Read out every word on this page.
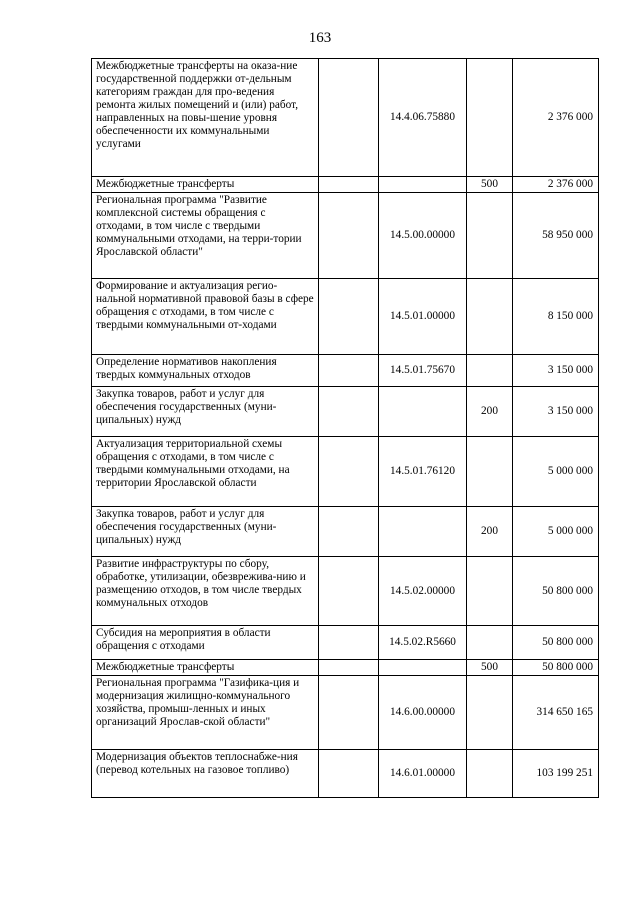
163
Межбюджетные трансферты на оказа-ние государственной поддержки от-дельным категориям граждан для про-ведения ремонта жилых помещений и (или) работ, направленных на повы-шение уровня обеспеченности их коммунальными услугами		14.4.06.75880		2 376 000
Межбюджетные трансферты			500	2 376 000
Региональная программа "Развитие комплексной системы обращения с отходами, в том числе с твердыми коммунальными отходами, на терри-тории Ярославской области"		14.5.00.00000		58 950 000
Формирование и актуализация регио-нальной нормативной правовой базы в сфере обращения с отходами, в том числе с твердыми коммунальными от-ходами		14.5.01.00000		8 150 000
Определение нормативов накопления твердых коммунальных отходов		14.5.01.75670		3 150 000
Закупка товаров, работ и услуг для обеспечения государственных (муни-ципальных) нужд			200	3 150 000
Актуализация территориальной схемы обращения с отходами, в том числе с твердыми коммунальными отходами, на территории Ярославской области		14.5.01.76120		5 000 000
Закупка товаров, работ и услуг для обеспечения государственных (муни-ципальных) нужд			200	5 000 000
Развитие инфраструктуры по сбору, обработке, утилизации, обезврежива-нию и размещению отходов, в том числе твердых коммунальных отходов		14.5.02.00000		50 800 000
Субсидия на мероприятия в области обращения с отходами		14.5.02.R5660		50 800 000
Межбюджетные трансферты			500	50 800 000
Региональная программа "Газифика-ция и модернизация жилищно-коммунального хозяйства, промыш-ленных и иных организаций Ярослав-ской области"		14.6.00.00000		314 650 165
Модернизация объектов теплоснабже-ния (перевод котельных на газовое топливо)		14.6.01.00000		103 199 251
